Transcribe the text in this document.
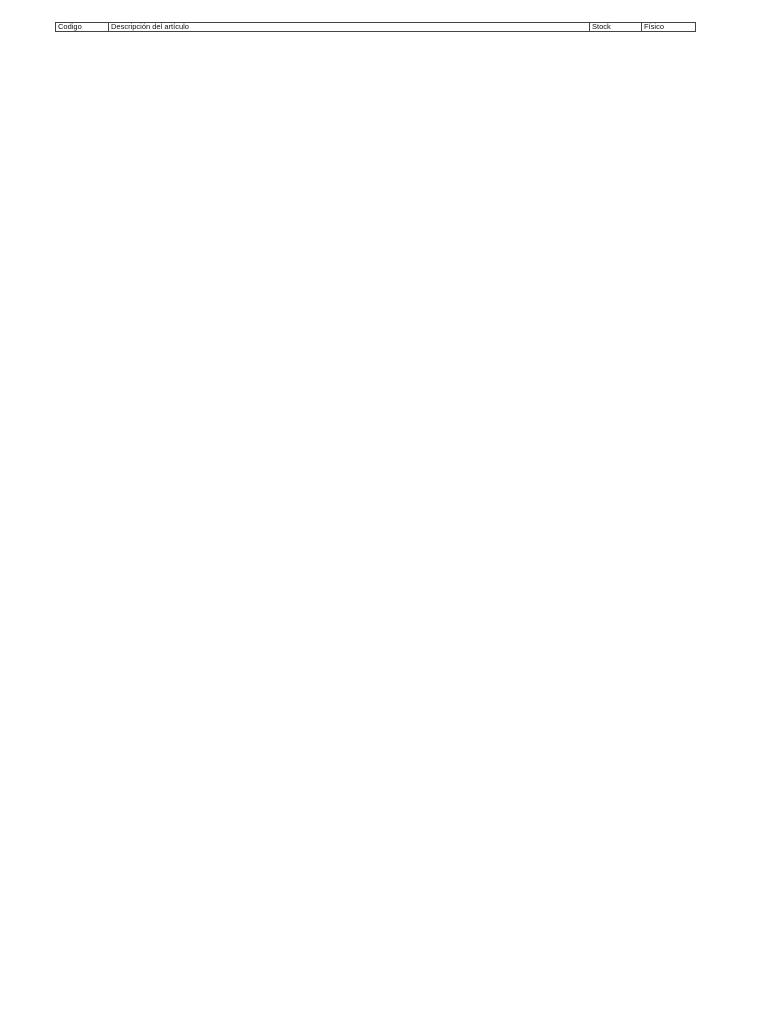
Codigo	Descripción del artículo	Stock	Físico
